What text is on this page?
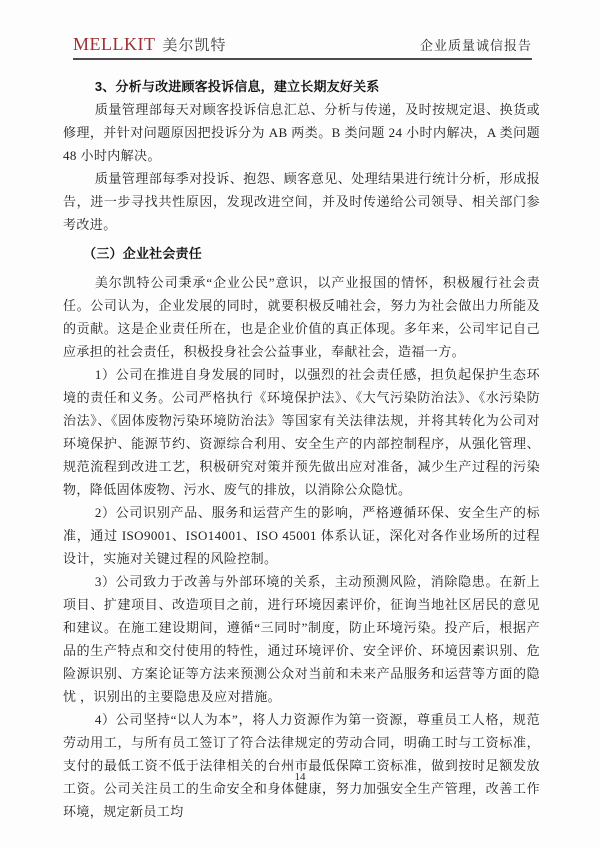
MELLKIT 美尔凯特	企业质量诚信报告

3、分析与改进顾客投诉信息，建立长期友好关系

质量管理部每天对顾客投诉信息汇总、分析与传递，及时按规定退、换货或修理，并针对问题原因把投诉分为 AB 两类。B 类问题 24 小时内解决，A 类问题 48 小时内解决。

质量管理部每季对投诉、抱怨、顾客意见、处理结果进行统计分析，形成报告，进一步寻找共性原因，发现改进空间，并及时传递给公司领导、相关部门参考改进。

（三）企业社会责任

美尔凯特公司秉承“企业公民”意识，以产业报国的情怀，积极履行社会责任。公司认为，企业发展的同时，就要积极反哺社会，努力为社会做出力所能及的贡献。这是企业责任所在，也是企业价值的真正体现。多年来，公司牢记自己应承担的社会责任，积极投身社会公益事业，奉献社会，造福一方。

1）公司在推进自身发展的同时，以强烈的社会责任感，担负起保护生态环境的责任和义务。公司严格执行《环境保护法》、《大气污染防治法》、《水污染防治法》、《固体废物污染环境防治法》等国家有关法律法规，并将其转化为公司对环境保护、能源节约、资源综合利用、安全生产的内部控制程序，从强化管理、规范流程到改进工艺，积极研究对策并预先做出应对准备，减少生产过程的污染物，降低固体废物、污水、废气的排放，以消除公众隐忧。

2）公司识别产品、服务和运营产生的影响，严格遵循环保、安全生产的标准，通过 ISO9001、ISO14001、ISO 45001 体系认证，深化对各作业场所的过程设计，实施对关键过程的风险控制。

3）公司致力于改善与外部环境的关系，主动预测风险，消除隐患。在新上项目、扩建项目、改造项目之前，进行环境因素评价，征询当地社区居民的意见和建议。在施工建设期间，遵循“三同时”制度，防止环境污染。投产后，根据产品的生产特点和交付使用的特性，通过环境评价、安全评价、环境因素识别、危险源识别、方案论证等方法来预测公众对当前和未来产品服务和运营等方面的隐忧 ，识别出的主要隐患及应对措施。

4）公司坚持“以人为本”，将人力资源作为第一资源，尊重员工人格，规范劳动用工，与所有员工签订了符合法律规定的劳动合同，明确工时与工资标准，支付的最低工资不低于法律相关的台州市最低保障工资标准，做到按时足额发放工资。公司关注员工的生命安全和身体健康，努力加强安全生产管理，改善工作环境，规定新员工均

14
